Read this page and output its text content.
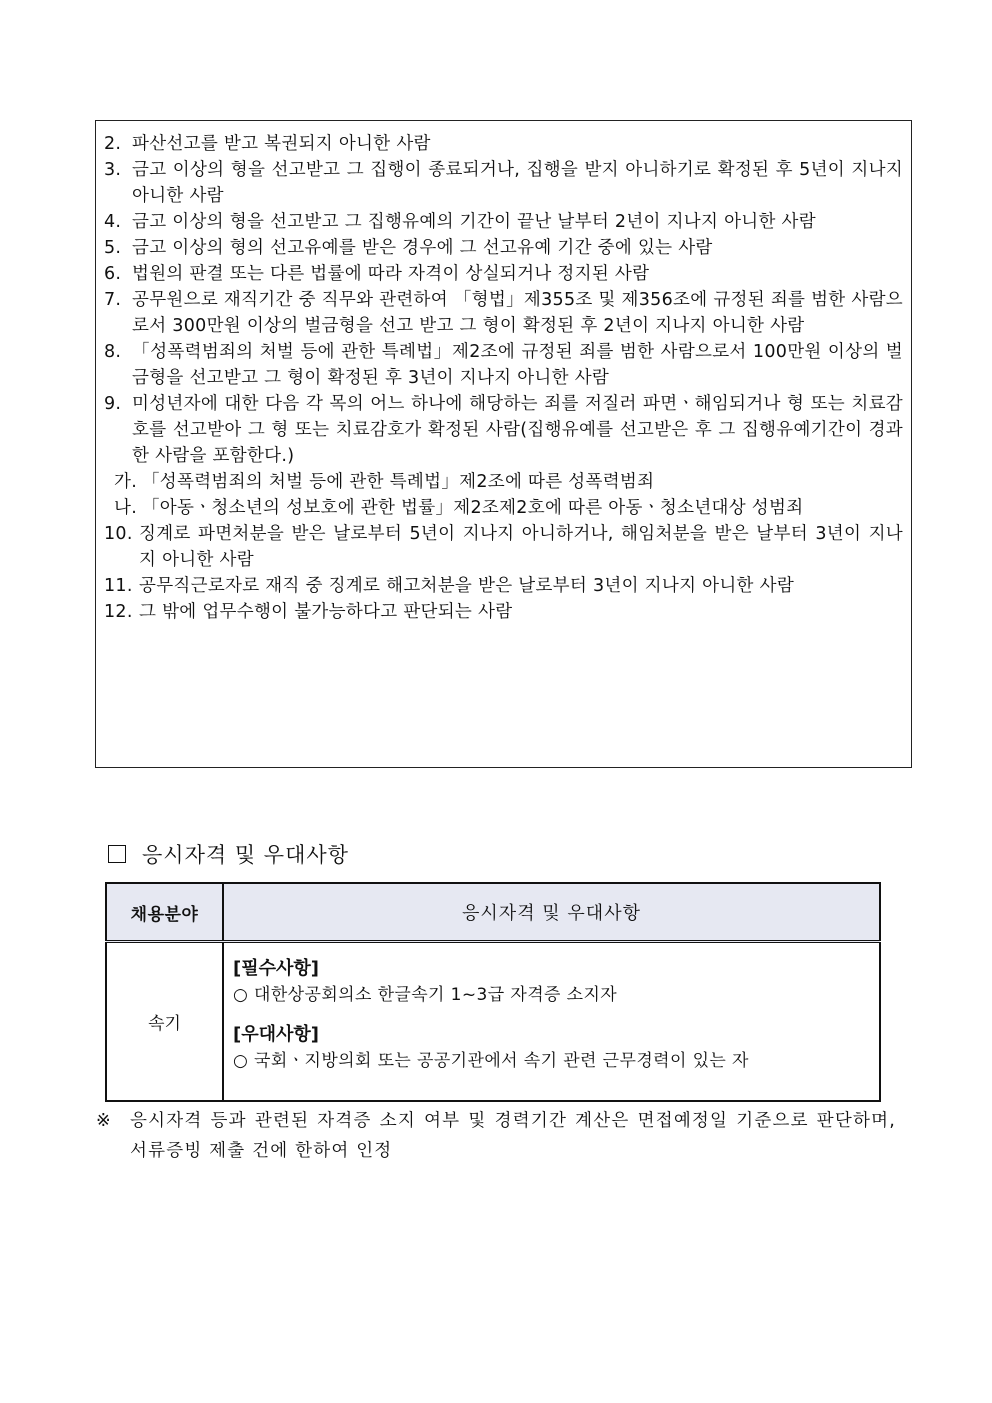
2. 파산선고를 받고 복권되지 아니한 사람
3. 금고 이상의 형을 선고받고 그 집행이 종료되거나, 집행을 받지 아니하기로 확정된 후 5년이 지나지 아니한 사람
4. 금고 이상의 형을 선고받고 그 집행유예의 기간이 끝난 날부터 2년이 지나지 아니한 사람
5. 금고 이상의 형의 선고유예를 받은 경우에 그 선고유예 기간 중에 있는 사람
6. 법원의 판결 또는 다른 법률에 따라 자격이 상실되거나 정지된 사람
7. 공무원으로 재직기간 중 직무와 관련하여 「형법」제355조 및 제356조에 규정된 죄를 범한 사람으로서 300만원 이상의 벌금형을 선고 받고 그 형이 확정된 후 2년이 지나지 아니한 사람
8. 「성폭력범죄의 처벌 등에 관한 특례법」제2조에 규정된 죄를 범한 사람으로서 100만원 이상의 벌금형을 선고받고 그 형이 확정된 후 3년이 지나지 아니한 사람
9. 미성년자에 대한 다음 각 목의 어느 하나에 해당하는 죄를 저질러 파면ㆍ해임되거나 형 또는 치료감호를 선고받아 그 형 또는 치료감호가 확정된 사람(집행유예를 선고받은 후 그 집행유예기간이 경과한 사람을 포함한다.)
가. 「성폭력범죄의 처벌 등에 관한 특례법」제2조에 따른 성폭력범죄
나. 「아동ㆍ청소년의 성보호에 관한 법률」제2조제2호에 따른 아동ㆍ청소년대상 성범죄
10. 징계로 파면처분을 받은 날로부터 5년이 지나지 아니하거나, 해임처분을 받은 날부터 3년이 지나지 아니한 사람
11. 공무직근로자로 재직 중 징계로 해고처분을 받은 날로부터 3년이 지나지 아니한 사람
12. 그 밖에 업무수행이 불가능하다고 판단되는 사람
응시자격 및 우대사항
채용분야	응시자격 및 우대사항
속기	[필수사항]
○ 대한상공회의소 한글속기 1~3급 자격증 소지자
[우대사항]
○ 국회ㆍ지방의회 또는 공공기관에서 속기 관련 근무경력이 있는 자
※	응시자격 등과 관련된 자격증 소지 여부 및 경력기간 계산은 면접예정일 기준으로 판단하며, 서류증빙 제출 건에 한하여 인정
